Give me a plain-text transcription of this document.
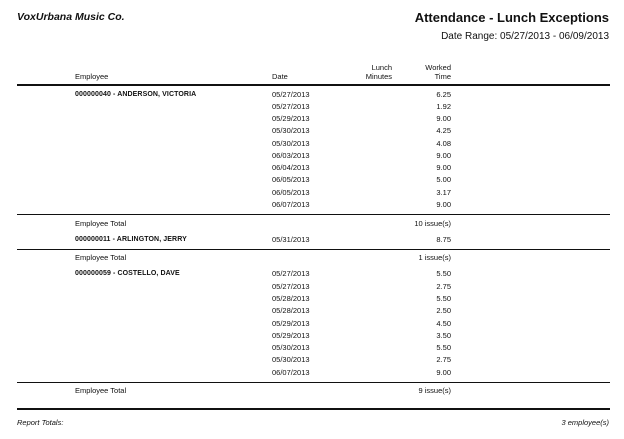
VoxUrbana Music Co.	Attendance - Lunch Exceptions
Date Range: 05/27/2013 - 06/09/2013
Employee	Date
Lunch
Minutes
Worked
Time
000000040 - ANDERSON, VICTORIA	05/27/2013	6.25
05/27/2013	1.92
05/29/2013	9.00
05/30/2013	4.25
05/30/2013	4.08
06/03/2013	9.00
06/04/2013	9.00
06/05/2013	5.00
06/05/2013	3.17
06/07/2013	9.00
Employee Total	10 issue(s)
000000011 - ARLINGTON, JERRY	05/31/2013	8.75
Employee Total	1 issue(s)
000000059 - COSTELLO, DAVE	05/27/2013	5.50
05/27/2013	2.75
05/28/2013	5.50
05/28/2013	2.50
05/29/2013	4.50
05/29/2013	3.50
05/30/2013	5.50
05/30/2013	2.75
06/07/2013	9.00
Employee Total	9 issue(s)
Report Totals:	3 employee(s)
